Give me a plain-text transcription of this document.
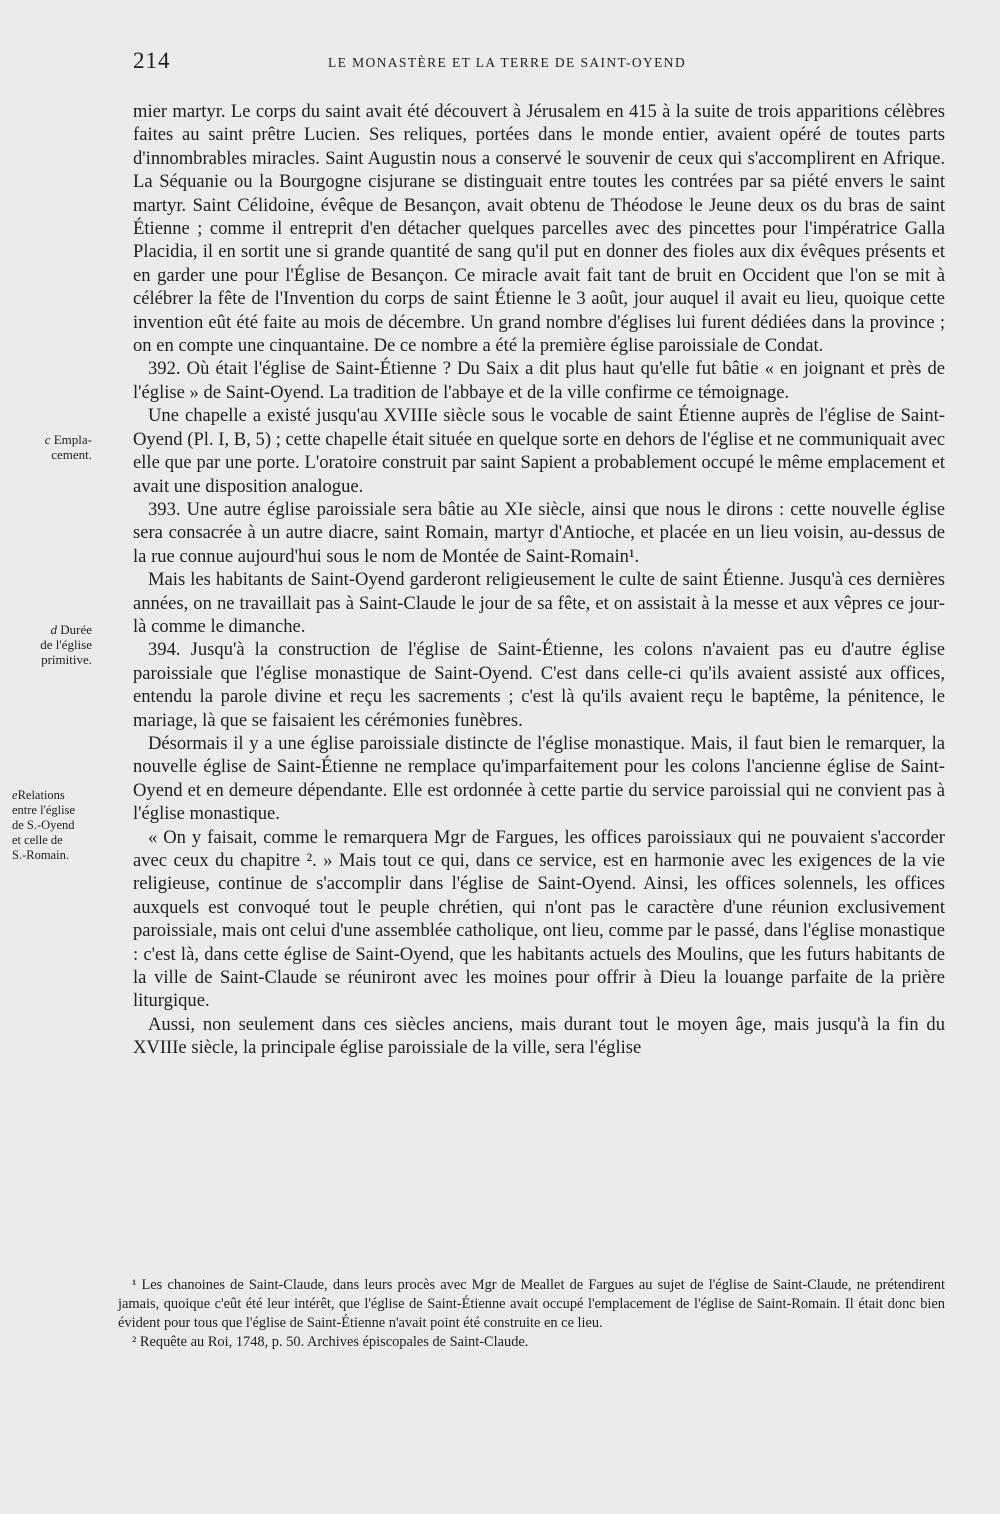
214	LE MONASTÈRE ET LA TERRE DE SAINT-OYEND
c Empla-
cement.
d Durée
de l'église
primitive.
eRelations
entre l'église
de S.-Oyend
et celle de
S.-Romain.

mier martyr. Le corps du saint avait été découvert à Jérusalem en 415 à la suite de trois apparitions célèbres faites au saint prêtre Lucien. Ses reliques, portées dans le monde entier, avaient opéré de toutes parts d'innombrables miracles. Saint Augustin nous a conservé le souvenir de ceux qui s'accomplirent en Afrique. La Séquanie ou la Bourgogne cisjurane se distinguait entre toutes les contrées par sa piété envers le saint martyr. Saint Célidoine, évêque de Besançon, avait obtenu de Théodose le Jeune deux os du bras de saint Étienne ; comme il entreprit d'en détacher quelques parcelles avec des pincettes pour l'impératrice Galla Placidia, il en sortit une si grande quantité de sang qu'il put en donner des fioles aux dix évêques présents et en garder une pour l'Église de Besançon. Ce miracle avait fait tant de bruit en Occident que l'on se mit à célébrer la fête de l'Invention du corps de saint Étienne le 3 août, jour auquel il avait eu lieu, quoique cette invention eût été faite au mois de décembre. Un grand nombre d'églises lui furent dédiées dans la province ; on en compte une cinquantaine. De ce nombre a été la première église paroissiale de Condat.

392. Où était l'église de Saint-Étienne ? Du Saix a dit plus haut qu'elle fut bâtie « en joignant et près de l'église » de Saint-Oyend. La tradition de l'abbaye et de la ville confirme ce témoignage.

Une chapelle a existé jusqu'au XVIIIe siècle sous le vocable de saint Étienne auprès de l'église de Saint-Oyend (Pl. I, B, 5) ; cette chapelle était située en quelque sorte en dehors de l'église et ne communiquait avec elle que par une porte. L'oratoire construit par saint Sapient a probablement occupé le même emplacement et avait une disposition analogue.

393. Une autre église paroissiale sera bâtie au XIe siècle, ainsi que nous le dirons : cette nouvelle église sera consacrée à un autre diacre, saint Romain, martyr d'Antioche, et placée en un lieu voisin, au-dessus de la rue connue aujourd'hui sous le nom de Montée de Saint-Romain¹.

Mais les habitants de Saint-Oyend garderont religieusement le culte de saint Étienne. Jusqu'à ces dernières années, on ne travaillait pas à Saint-Claude le jour de sa fête, et on assistait à la messe et aux vêpres ce jour-là comme le dimanche.

394. Jusqu'à la construction de l'église de Saint-Étienne, les colons n'avaient pas eu d'autre église paroissiale que l'église monastique de Saint-Oyend. C'est dans celle-ci qu'ils avaient assisté aux offices, entendu la parole divine et reçu les sacrements ; c'est là qu'ils avaient reçu le baptême, la pénitence, le mariage, là que se faisaient les cérémonies funèbres.

Désormais il y a une église paroissiale distincte de l'église monastique. Mais, il faut bien le remarquer, la nouvelle église de Saint-Étienne ne remplace qu'imparfaitement pour les colons l'ancienne église de Saint-Oyend et en demeure dépendante. Elle est ordonnée à cette partie du service paroissial qui ne convient pas à l'église monastique.

« On y faisait, comme le remarquera Mgr de Fargues, les offices paroissiaux qui ne pouvaient s'accorder avec ceux du chapitre ². » Mais tout ce qui, dans ce service, est en harmonie avec les exigences de la vie religieuse, continue de s'accomplir dans l'église de Saint-Oyend. Ainsi, les offices solennels, les offices auxquels est convoqué tout le peuple chrétien, qui n'ont pas le caractère d'une réunion exclusivement paroissiale, mais ont celui d'une assemblée catholique, ont lieu, comme par le passé, dans l'église monastique : c'est là, dans cette église de Saint-Oyend, que les habitants actuels des Moulins, que les futurs habitants de la ville de Saint-Claude se réuniront avec les moines pour offrir à Dieu la louange parfaite de la prière liturgique.

Aussi, non seulement dans ces siècles anciens, mais durant tout le moyen âge, mais jusqu'à la fin du XVIIIe siècle, la principale église paroissiale de la ville, sera l'église

¹ Les chanoines de Saint-Claude, dans leurs procès avec Mgr de Meallet de Fargues au sujet de l'église de Saint-Claude, ne prétendirent jamais, quoique c'eût été leur intérêt, que l'église de Saint-Étienne avait occupé l'emplacement de l'église de Saint-Romain. Il était donc bien évident pour tous que l'église de Saint-Étienne n'avait point été construite en ce lieu.

² Requête au Roi, 1748, p. 50. Archives épiscopales de Saint-Claude.
